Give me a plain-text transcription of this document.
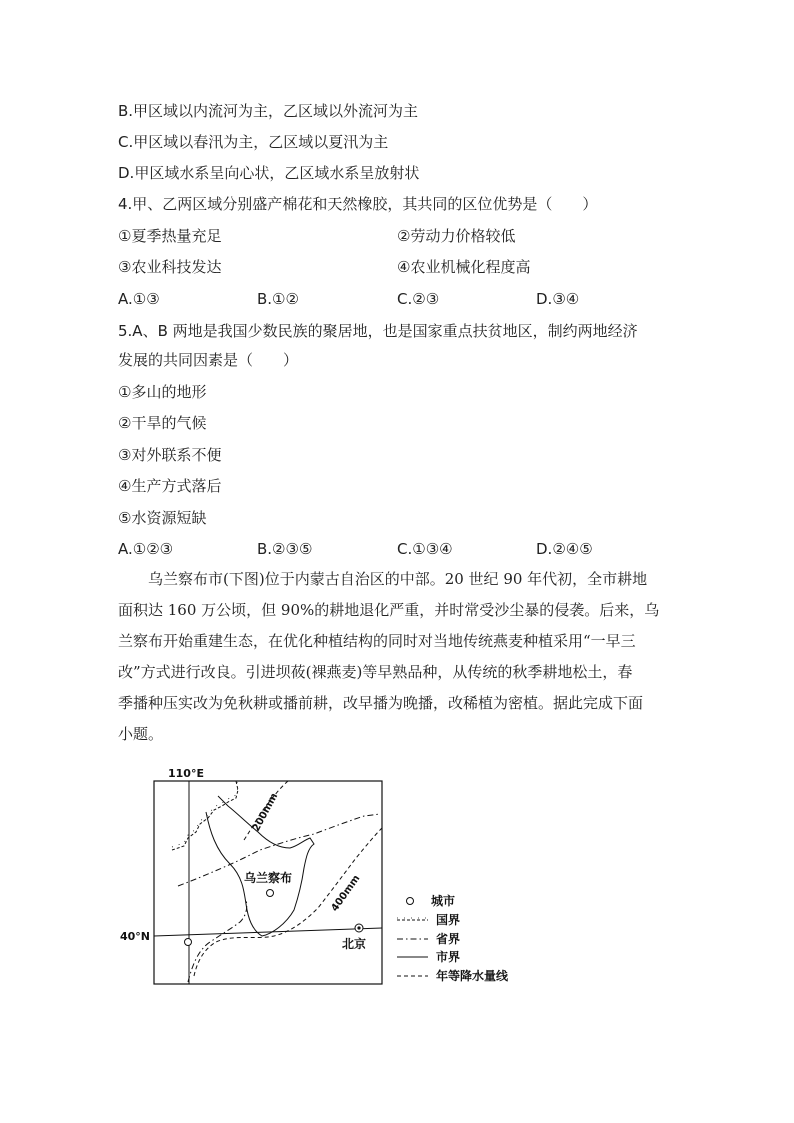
B.甲区域以内流河为主，乙区域以外流河为主
C.甲区域以春汛为主，乙区域以夏汛为主
D.甲区域水系呈向心状，乙区域水系呈放射状
4.甲、乙两区域分别盛产棉花和天然橡胶，其共同的区位优势是（　　）
①夏季热量充足	②劳动力价格较低
③农业科技发达	④农业机械化程度高
A.①③	B.①②	C.②③	D.③④
5.A、B 两地是我国少数民族的聚居地，也是国家重点扶贫地区，制约两地经济
发展的共同因素是（　　）
①多山的地形
②干旱的气候
③对外联系不便
④生产方式落后
⑤水资源短缺
A.①②③	B.②③⑤	C.①③④	D.②④⑤
乌兰察布市(下图)位于内蒙古自治区的中部。20 世纪 90 年代初，全市耕地
面积达 160 万公顷，但 90%的耕地退化严重，并时常受沙尘暴的侵袭。后来，乌
兰察布开始重建生态，在优化种植结构的同时对当地传统燕麦种植采用“一早三
改”方式进行改良。引进坝莜(裸燕麦)等早熟品种，从传统的秋季耕地松土，春
季播种压实改为免秋耕或播前耕，改早播为晚播，改稀植为密植。据此完成下面
小题。
110°E
40°N
200mm
400mm
乌兰察布
北京
城市
国界
省界
市界
年等降水量线
